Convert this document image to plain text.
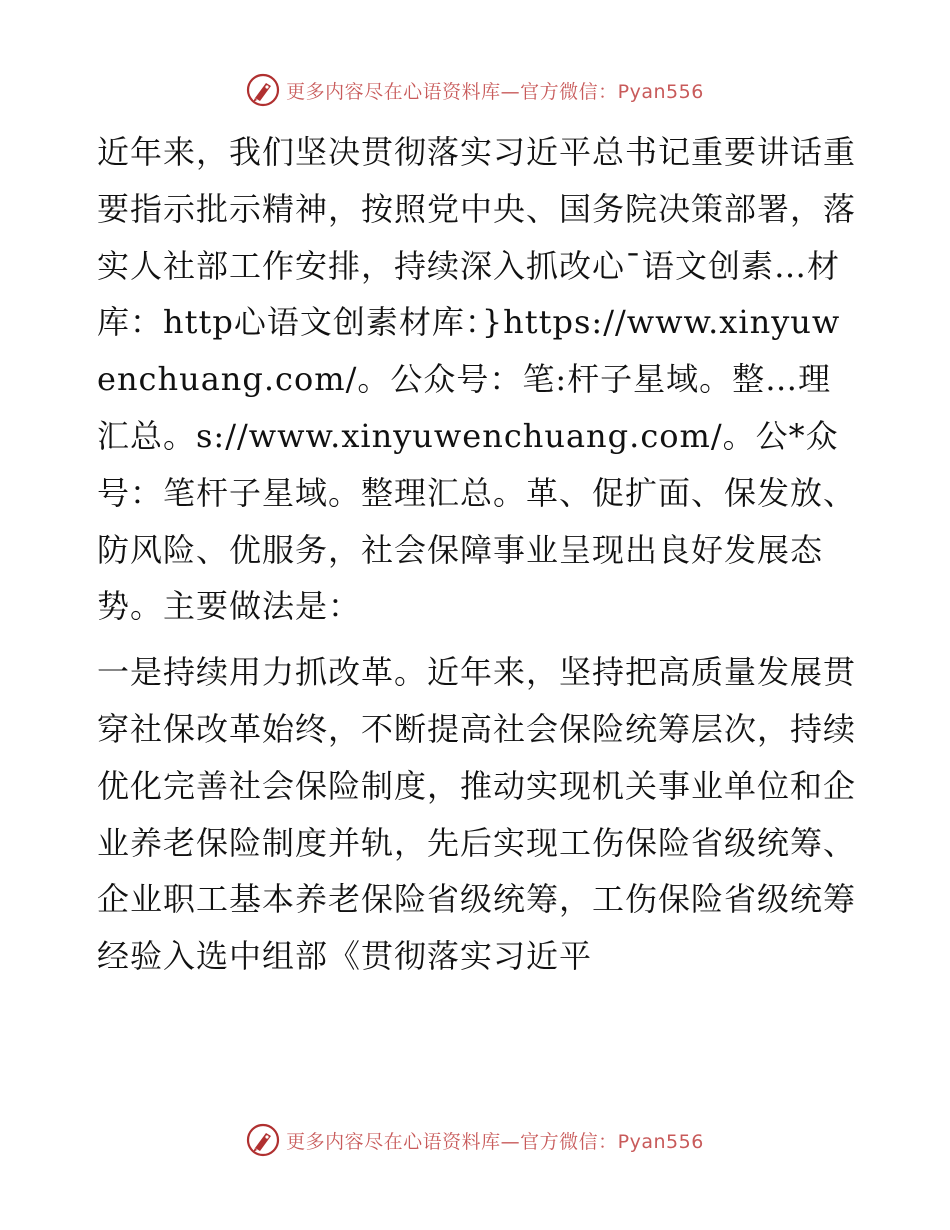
更多内容尽在心语资料库—官方微信：Pyan556

近年来，我们坚决贯彻落实习近平总书记重要讲话重要指示批示精神，按照党中央、国务院决策部署，落实人社部工作安排，持续深入抓改心¯语文创素…材库：http心语文创素材库：}https://www.xinyuwenchuang.com/。公众号：笔:杆子星域。整…理汇总。s://www.xinyuwenchuang.com/。公*众号：笔杆子星域。整理汇总。革、促扩面、保发放、防风险、优服务，社会保障事业呈现出良好发展态势。主要做法是：

一是持续用力抓改革。近年来，坚持把高质量发展贯穿社保改革始终，不断提高社会保险统筹层次，持续优化完善社会保险制度，推动实现机关事业单位和企业养老保险制度并轨，先后实现工伤保险省级统筹、企业职工基本养老保险省级统筹，工伤保险省级统筹经验入选中组部《贯彻落实习近平

更多内容尽在心语资料库—官方微信：Pyan556
